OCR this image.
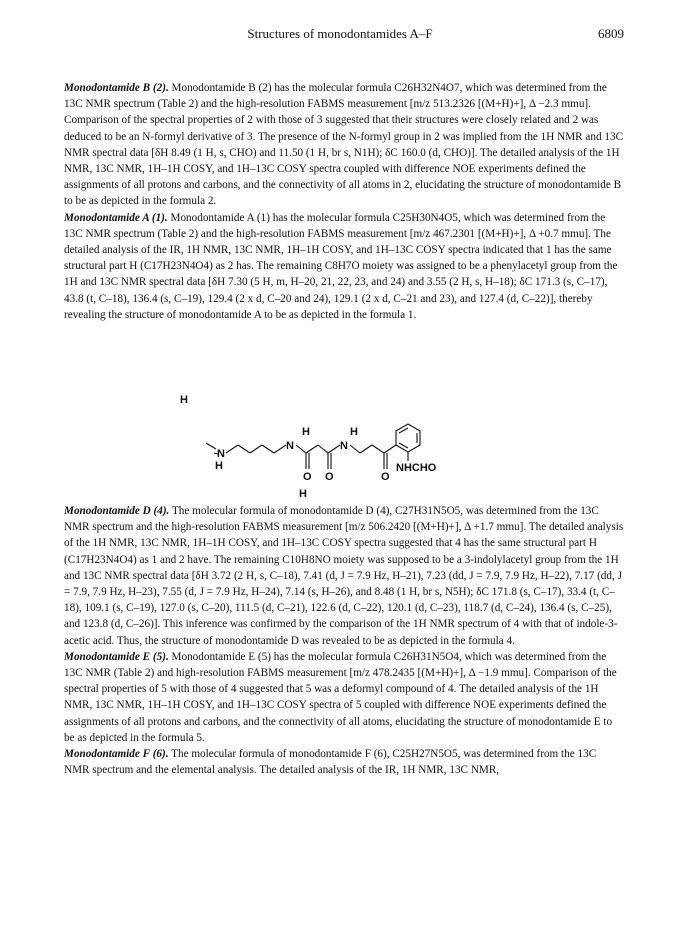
Structures of monodontamides A–F	6809

Monodontamide B (2). Monodontamide B (2) has the molecular formula C26H32N4O7, which was determined from the 13C NMR spectrum (Table 2) and the high-resolution FABMS measurement [m/z 513.2326 [(M+H)+], Δ −2.3 mmu]. Comparison of the spectral properties of 2 with those of 3 suggested that their structures were closely related and 2 was deduced to be an N-formyl derivative of 3. The presence of the N-formyl group in 2 was implied from the 1H NMR and 13C NMR spectral data [δH 8.49 (1 H, s, CHO) and 11.50 (1 H, br s, N1H); δC 160.0 (d, CHO)]. The detailed analysis of the 1H NMR, 13C NMR, 1H–1H COSY, and 1H–13C COSY spectra coupled with difference NOE experiments defined the assignments of all protons and carbons, and the connectivity of all atoms in 2, elucidating the structure of monodontamide B to be as depicted in the formula 2.

Monodontamide A (1). Monodontamide A (1) has the molecular formula C25H30N4O5, which was determined from the 13C NMR spectrum (Table 2) and the high-resolution FABMS measurement [m/z 467.2301 [(M+H)+], Δ +0.7 mmu]. The detailed analysis of the IR, 1H NMR, 13C NMR, 1H–1H COSY, and 1H–13C COSY spectra indicated that 1 has the same structural part H (C17H23N4O4) as 2 has. The remaining C8H7O moiety was assigned to be a phenylacetyl group from the 1H and 13C NMR spectral data [δH 7.30 (5 H, m, H–20, 21, 22, 23, and 24) and 3.55 (2 H, s, H–18); δC 171.3 (s, C–17), 43.8 (t, C–18), 136.4 (s, C–19), 129.4 (2 x d, C–20 and 24), 129.1 (2 x d, C–21 and 23), and 127.4 (d, C–22)], thereby revealing the structure of monodontamide A to be as depicted in the formula 1.

H	H
N
N
H
O O
N
H
O
NHCHO
H

Monodontamide D (4). The molecular formula of monodontamide D (4), C27H31N5O5, was determined from the 13C NMR spectrum and the high-resolution FABMS measurement [m/z 506.2420 [(M+H)+], Δ +1.7 mmu]. The detailed analysis of the 1H NMR, 13C NMR, 1H–1H COSY, and 1H–13C COSY spectra suggested that 4 has the same structural part H (C17H23N4O4) as 1 and 2 have. The remaining C10H8NO moiety was supposed to be a 3-indolylacetyl group from the 1H and 13C NMR spectral data [δH 3.72 (2 H, s, C–18), 7.41 (d, J = 7.9 Hz, H–21), 7.23 (dd, J = 7.9, 7.9 Hz, H–22), 7.17 (dd, J = 7.9, 7.9 Hz, H–23), 7.55 (d, J = 7.9 Hz, H–24), 7.14 (s, H–26), and 8.48 (1 H, br s, N5H); δC 171.8 (s, C–17), 33.4 (t, C–18), 109.1 (s, C–19), 127.0 (s, C–20), 111.5 (d, C–21), 122.6 (d, C–22), 120.1 (d, C–23), 118.7 (d, C–24), 136.4 (s, C–25), and 123.8 (d, C–26)]. This inference was confirmed by the comparison of the 1H NMR spectrum of 4 with that of indole-3-acetic acid. Thus, the structure of monodontamide D was revealed to be as depicted in the formula 4.

Monodontamide E (5). Monodontamide E (5) has the molecular formula C26H31N5O4, which was determined from the 13C NMR (Table 2) and high-resolution FABMS measurement [m/z 478.2435 [(M+H)+], Δ −1.9 mmu]. Comparison of the spectral properties of 5 with those of 4 suggested that 5 was a deformyl compound of 4. The detailed analysis of the 1H NMR, 13C NMR, 1H–1H COSY, and 1H–13C COSY spectra of 5 coupled with difference NOE experiments defined the assignments of all protons and carbons, and the connectivity of all atoms, elucidating the structure of monodontamide E to be as depicted in the formula 5.

Monodontamide F (6). The molecular formula of monodontamide F (6), C25H27N5O5, was determined from the 13C NMR spectrum and the elemental analysis. The detailed analysis of the IR, 1H NMR, 13C NMR,
